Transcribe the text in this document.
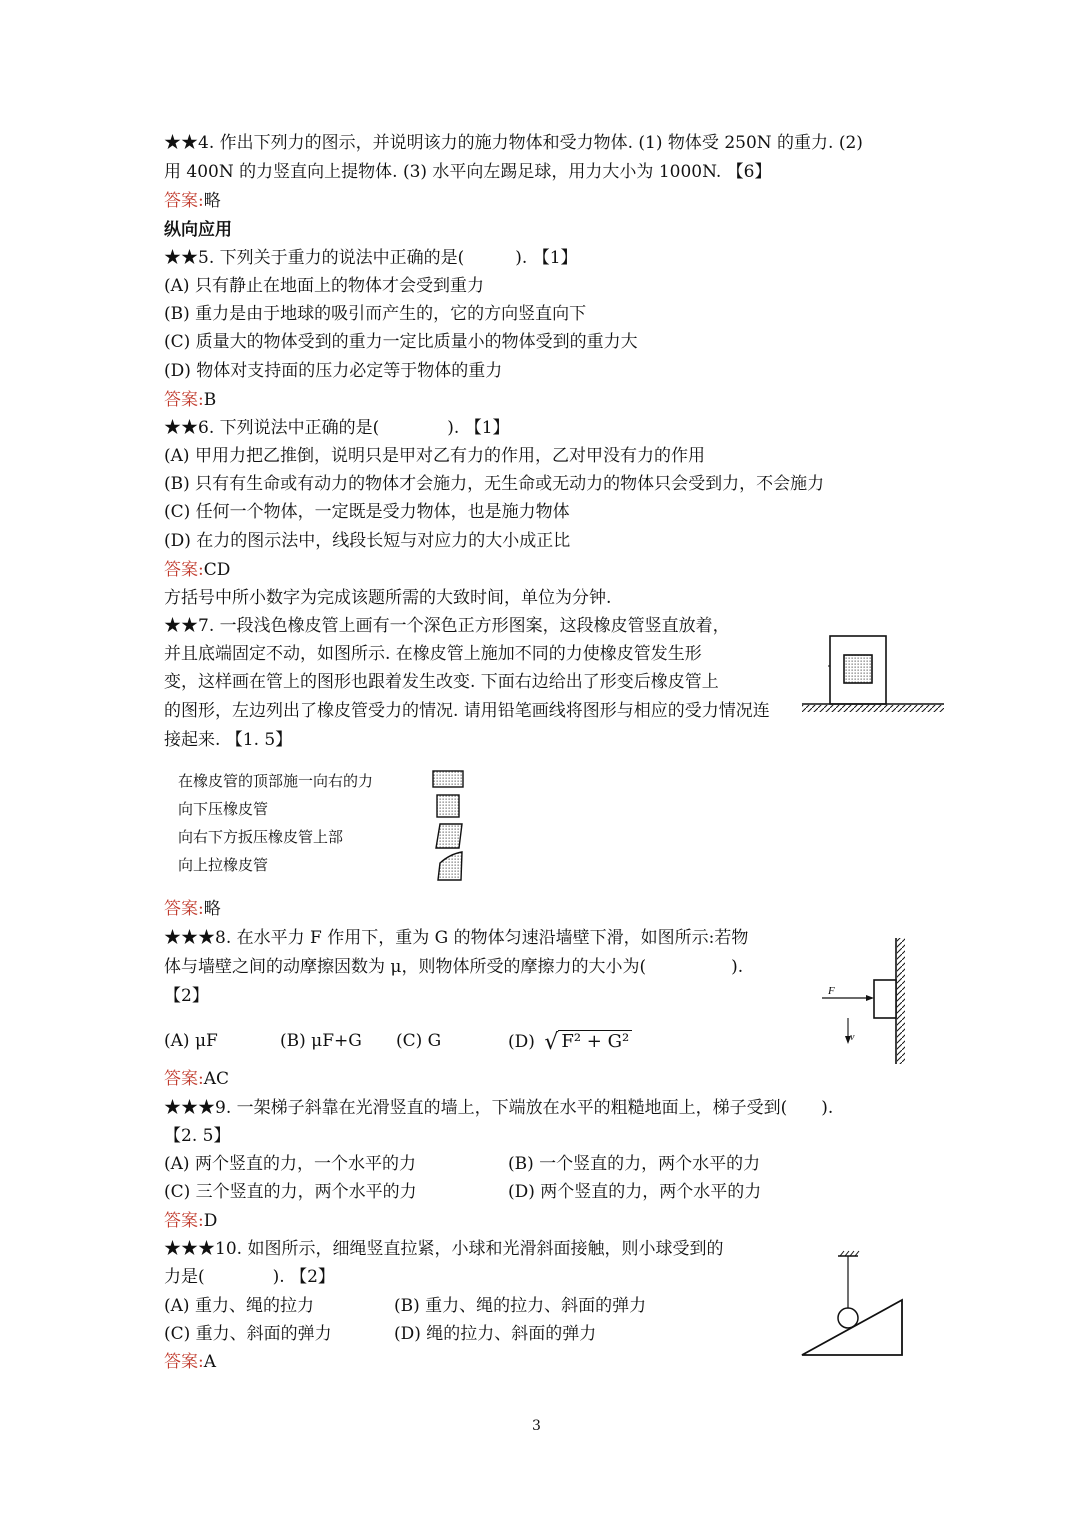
★★4. 作出下列力的图示，并说明该力的施力物体和受力物体. (1) 物体受 250N 的重力. (2)
用 400N 的力竖直向上提物体. (3) 水平向左踢足球，用力大小为 1000N. 【6】
答案:略
纵向应用
★★5. 下列关于重力的说法中正确的是(　　　). 【1】
(A) 只有静止在地面上的物体才会受到重力
(B) 重力是由于地球的吸引而产生的，它的方向竖直向下
(C) 质量大的物体受到的重力一定比质量小的物体受到的重力大
(D) 物体对支持面的压力必定等于物体的重力
答案:B
★★6. 下列说法中正确的是(　　　　). 【1】
(A) 甲用力把乙推倒，说明只是甲对乙有力的作用，乙对甲没有力的作用
(B) 只有有生命或有动力的物体才会施力，无生命或无动力的物体只会受到力，不会施力
(C) 任何一个物体，一定既是受力物体，也是施力物体
(D) 在力的图示法中，线段长短与对应力的大小成正比
答案:CD
方括号中所小数字为完成该题所需的大致时间，单位为分钟.
★★7. 一段浅色橡皮管上画有一个深色正方形图案，这段橡皮管竖直放着，
并且底端固定不动，如图所示. 在橡皮管上施加不同的力使橡皮管发生形
变，这样画在管上的图形也跟着发生改变. 下面右边给出了形变后橡皮管上
的图形，左边列出了橡皮管受力的情况. 请用铅笔画线将图形与相应的受力情况连
接起来. 【1. 5】
在橡皮管的顶部施一向右的力
向下压橡皮管
向右下方扳压橡皮管上部
向上拉橡皮管
答案:略
★★★8. 在水平力 F 作用下，重为 G 的物体匀速沿墙壁下滑，如图所示:若物
体与墙壁之间的动摩擦因数为 μ，则物体所受的摩擦力的大小为(　　　　　).
【2】
(A) μF	(B) μF+G (C) G	(D) √ F² + G²
F
v
答案:AC
★★★9. 一架梯子斜靠在光滑竖直的墙上，下端放在水平的粗糙地面上，梯子受到(　　).
【2. 5】
(A) 两个竖直的力，一个水平的力	(B) 一个竖直的力，两个水平的力
(C) 三个竖直的力，两个水平的力	(D) 两个竖直的力，两个水平的力
答案:D
★★★10. 如图所示，细绳竖直拉紧，小球和光滑斜面接触，则小球受到的
力是(　　　　). 【2】
(A) 重力、绳的拉力	(B) 重力、绳的拉力、斜面的弹力
(C) 重力、斜面的弹力	(D) 绳的拉力、斜面的弹力
答案:A
3
